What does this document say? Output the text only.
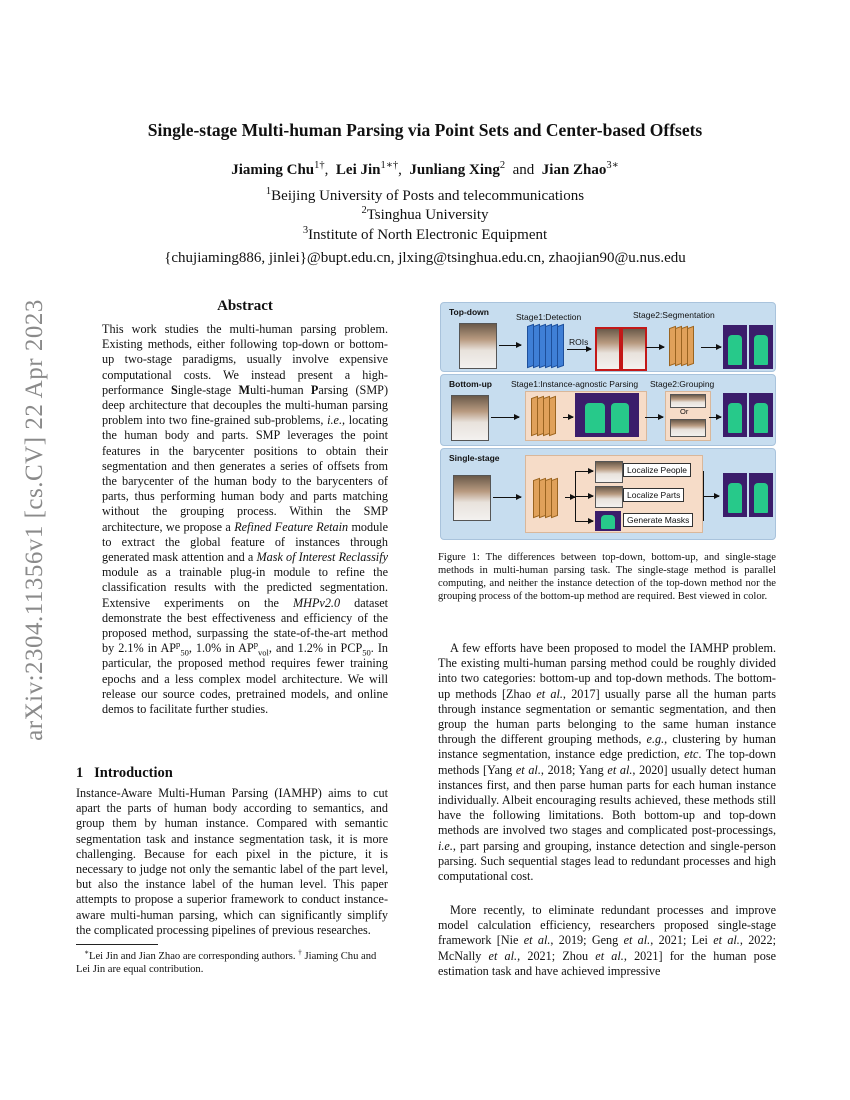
arXiv:2304.11356v1 [cs.CV] 22 Apr 2023
Single-stage Multi-human Parsing via Point Sets and Center-based Offsets
Jiaming Chu$^{1\dagger}$, Lei Jin$^{1∗\dagger}$, Junliang Xing$^2$ and Jian Zhao$^{3∗}$
$^1$Beijing University of Posts and telecommunications
$^2$Tsinghua University
$^3$Institute of North Electronic Equipment
{chujiaming886, jinlei}@bupt.edu.cn, jlxing@tsinghua.edu.cn, zhaojian90@u.nus.edu
Abstract
This work studies the multi-human parsing problem. Existing methods, either following top-down or bottom-up two-stage paradigms, usually involve expensive computational costs. We instead present a high-performance Single-stage Multi-human Parsing (SMP) deep architecture that decouples the multi-human parsing problem into two fine-grained sub-problems, i.e., locating the human body and parts. SMP leverages the point features in the barycenter positions to obtain their segmentation and then generates a series of offsets from the barycenter of the human body to the barycenters of parts, thus performing human body and parts matching without the grouping process. Within the SMP architecture, we propose a Refined Feature Retain module to extract the global feature of instances through generated mask attention and a Mask of Interest Reclassify module as a trainable plug-in module to refine the classification results with the predicted segmentation. Extensive experiments on the MHPv2.0 dataset demonstrate the best effectiveness and efficiency of the proposed method, surpassing the state-of-the-art method by 2.1% in $AP^p_{50}$, 1.0% in $AP^p_{vol}$, and 1.2% in $PCP_{50}$. In particular, the proposed method requires fewer training epochs and a less complex model architecture. We will release our source codes, pretrained models, and online demos to facilitate further studies.
1 Introduction
Instance-Aware Multi-Human Parsing (IAMHP) aims to cut apart the parts of human body according to semantics, and group them by human instance. Compared with semantic segmentation task and instance segmentation task, it is more challenging. Because for each pixel in the picture, it is necessary to judge not only the semantic label of the part level, but also the instance label of the human level. This paper attempts to propose a superior framework to conduct instance-aware multi-human parsing, which can significantly simplify the complicated processing pipelines of previous researches.
∗Lei Jin and Jian Zhao are corresponding authors. † Jiaming Chu and Lei Jin are equal contribution.
Top-down	Stage1:Detection	Stage2:Segmentation
ROIs
Bottom-up Stage1:Instance-agnostic Parsing Stage2:Grouping
Or
Single-stage
Localize People
Localize Parts
Generate Masks
Figure 1: The differences between top-down, bottom-up, and single-stage methods in multi-human parsing task. The single-stage method is parallel computing, and neither the instance detection of the top-down method nor the grouping process of the bottom-up method are required. Best viewed in color.

A few efforts have been proposed to model the IAMHP problem. The existing multi-human parsing method could be roughly divided into two categories: bottom-up and top-down methods. The bottom-up methods [Zhao et al., 2017] usually parse all the human parts through instance segmentation or semantic segmentation, and then group the human parts belonging to the same human instance through the different grouping methods, e.g., clustering by human instance segmentation, instance edge prediction, etc. The top-down methods [Yang et al., 2018; Yang et al., 2020] usually detect human instances first, and then parse human parts for each human instance individually. Albeit encouraging results achieved, these methods still have the following limitations. Both bottom-up and top-down methods are involved two stages and complicated post-processings, i.e., part parsing and grouping, instance detection and single-person parsing. Such sequential stages lead to redundant processes and high computational cost.

More recently, to eliminate redundant processes and improve model calculation efficiency, researchers proposed single-stage framework [Nie et al., 2019; Geng et al., 2021; Lei et al., 2022; McNally et al., 2021; Zhou et al., 2021] for the human pose estimation task and have achieved impressive
